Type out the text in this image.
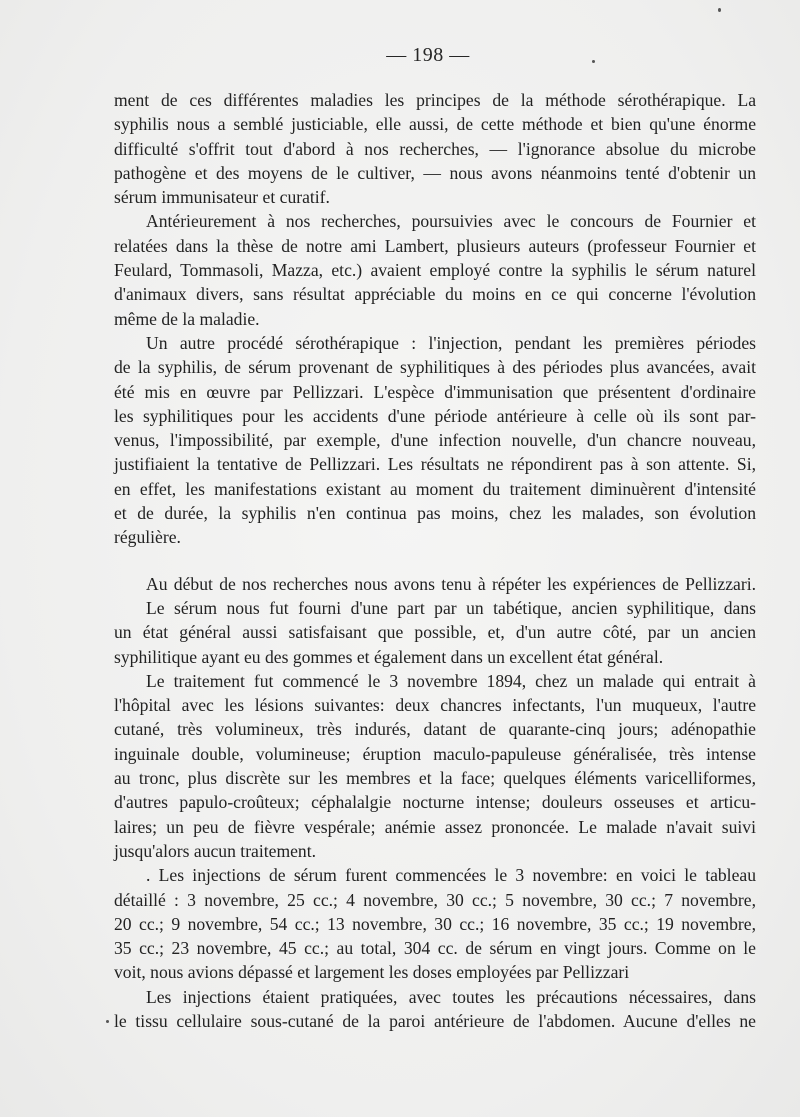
— 198 —
ment de ces différentes maladies les principes de la méthode sérothérapique. La
syphilis nous a semblé justiciable, elle aussi, de cette méthode et bien qu'une énorme
difficulté s'offrit tout d'abord à nos recherches, — l'ignorance absolue du microbe
pathogène et des moyens de le cultiver, — nous avons néanmoins tenté d'obtenir un
sérum immunisateur et curatif.
Antérieurement à nos recherches, poursuivies avec le concours de Fournier et
relatées dans la thèse de notre ami Lambert, plusieurs auteurs (professeur Fournier et
Feulard, Tommasoli, Mazza, etc.) avaient employé contre la syphilis le sérum naturel
d'animaux divers, sans résultat appréciable du moins en ce qui concerne l'évolution
même de la maladie.
Un autre procédé sérothérapique : l'injection, pendant les premières périodes
de la syphilis, de sérum provenant de syphilitiques à des périodes plus avancées, avait
été mis en œuvre par Pellizzari. L'espèce d'immunisation que présentent d'ordinaire
les syphilitiques pour les accidents d'une période antérieure à celle où ils sont par-
venus, l'impossibilité, par exemple, d'une infection nouvelle, d'un chancre nouveau,
justifiaient la tentative de Pellizzari. Les résultats ne répondirent pas à son attente. Si,
en effet, les manifestations existant au moment du traitement diminuèrent d'intensité
et de durée, la syphilis n'en continua pas moins, chez les malades, son évolution
régulière.
Au début de nos recherches nous avons tenu à répéter les expériences de Pellizzari.
Le sérum nous fut fourni d'une part par un tabétique, ancien syphilitique, dans
un état général aussi satisfaisant que possible, et, d'un autre côté, par un ancien
syphilitique ayant eu des gommes et également dans un excellent état général.
Le traitement fut commencé le 3 novembre 1894, chez un malade qui entrait à
l'hôpital avec les lésions suivantes: deux chancres infectants, l'un muqueux, l'autre
cutané, très volumineux, très indurés, datant de quarante-cinq jours; adénopathie
inguinale double, volumineuse; éruption maculo-papuleuse généralisée, très intense
au tronc, plus discrète sur les membres et la face; quelques éléments varicelliformes,
d'autres papulo-croûteux; céphalalgie nocturne intense; douleurs osseuses et articu-
laires; un peu de fièvre vespérale; anémie assez prononcée. Le malade n'avait suivi
jusqu'alors aucun traitement.
. Les injections de sérum furent commencées le 3 novembre: en voici le tableau
détaillé : 3 novembre, 25 cc.; 4 novembre, 30 cc.; 5 novembre, 30 cc.; 7 novembre,
20 cc.; 9 novembre, 54 cc.; 13 novembre, 30 cc.; 16 novembre, 35 cc.; 19 novembre,
35 cc.; 23 novembre, 45 cc.; au total, 304 cc. de sérum en vingt jours. Comme on le
voit, nous avions dépassé et largement les doses employées par Pellizzari
Les injections étaient pratiquées, avec toutes les précautions nécessaires, dans
le tissu cellulaire sous-cutané de la paroi antérieure de l'abdomen. Aucune d'elles ne
